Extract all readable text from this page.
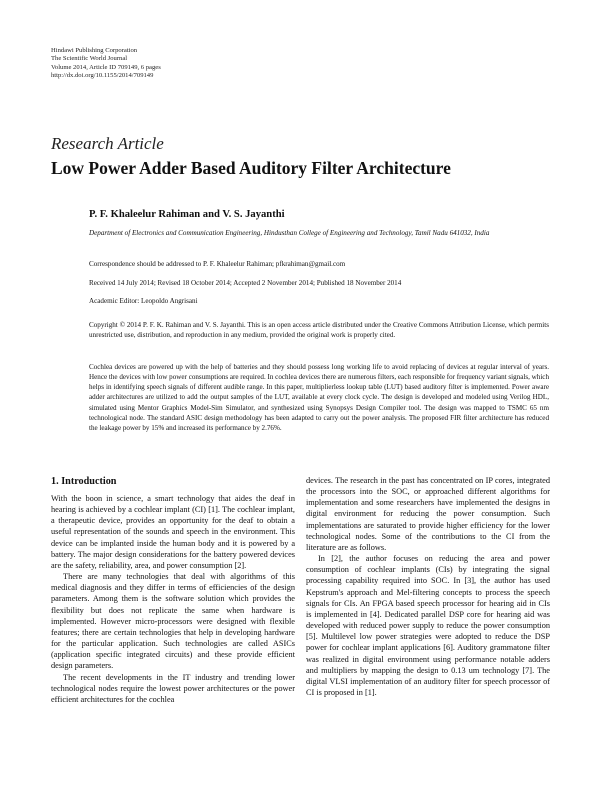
Hindawi Publishing Corporation
The Scientific World Journal
Volume 2014, Article ID 709149, 6 pages
http://dx.doi.org/10.1155/2014/709149
Research Article
Low Power Adder Based Auditory Filter Architecture
P. F. Khaleelur Rahiman and V. S. Jayanthi
Department of Electronics and Communication Engineering, Hindusthan College of Engineering and Technology, Tamil Nadu 641032, India
Correspondence should be addressed to P. F. Khaleelur Rahiman; pfkrahiman@gmail.com
Received 14 July 2014; Revised 18 October 2014; Accepted 2 November 2014; Published 18 November 2014
Academic Editor: Leopoldo Angrisani
Copyright © 2014 P. F. K. Rahiman and V. S. Jayanthi. This is an open access article distributed under the Creative Commons Attribution License, which permits unrestricted use, distribution, and reproduction in any medium, provided the original work is properly cited.
Cochlea devices are powered up with the help of batteries and they should possess long working life to avoid replacing of devices at regular interval of years. Hence the devices with low power consumptions are required. In cochlea devices there are numerous filters, each responsible for frequency variant signals, which helps in identifying speech signals of different audible range. In this paper, multiplierless lookup table (LUT) based auditory filter is implemented. Power aware adder architectures are utilized to add the output samples of the LUT, available at every clock cycle. The design is developed and modeled using Verilog HDL, simulated using Mentor Graphics Model-Sim Simulator, and synthesized using Synopsys Design Compiler tool. The design was mapped to TSMC 65 nm technological node. The standard ASIC design methodology has been adapted to carry out the power analysis. The proposed FIR filter architecture has reduced the leakage power by 15% and increased its performance by 2.76%.
1. Introduction

With the boon in science, a smart technology that aides the deaf in hearing is achieved by a cochlear implant (CI) [1]. The cochlear implant, a therapeutic device, provides an opportunity for the deaf to obtain a useful representation of the sounds and speech in the environment. This device can be implanted inside the human body and it is powered by a battery. The major design considerations for the battery powered devices are the safety, reliability, area, and power consumption [2].

There are many technologies that deal with algorithms of this medical diagnosis and they differ in terms of efficiencies of the design parameters. Among them is the software solution which provides the flexibility but does not replicate the same when hardware is implemented. However micro-processors were designed with flexible features; there are certain technologies that help in developing hardware for the particular application. Such technologies are called ASICs (application specific integrated circuits) and these provide efficient design parameters.

The recent developments in the IT industry and trending lower technological nodes require the lowest power architectures or the power efficient architectures for the cochlea

devices. The research in the past has concentrated on IP cores, integrated the processors into the SOC, or approached different algorithms for implementation and some researchers have implemented the designs in digital environment for reducing the power consumption. Such implementations are saturated to provide higher efficiency for the lower technological nodes. Some of the contributions to the CI from the literature are as follows.

In [2], the author focuses on reducing the area and power consumption of cochlear implants (CIs) by integrating the signal processing capability required into SOC. In [3], the author has used Kepstrum's approach and Mel-filtering concepts to process the speech signals for CIs. An FPGA based speech processor for hearing aid in CIs is implemented in [4]. Dedicated parallel DSP core for hearing aid was developed with reduced power supply to reduce the power consumption [5]. Multilevel low power strategies were adopted to reduce the DSP power for cochlear implant applications [6]. Auditory grammatone filter was realized in digital environment using performance notable adders and multipliers by mapping the design to 0.13 um technology [7]. The digital VLSI implementation of an auditory filter for speech processor of CI is proposed in [1].
